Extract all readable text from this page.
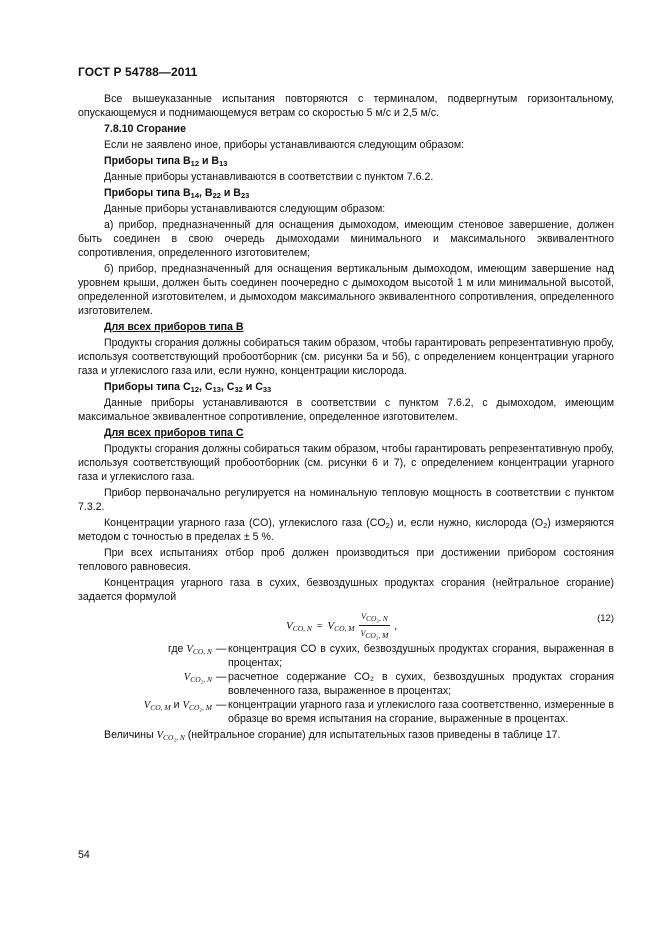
ГОСТ Р 54788—2011

Все вышеуказанные испытания повторяются с терминалом, подвергнутым горизонтальному, опускающемуся и поднимающемуся ветрам со скоростью 5 м/с и 2,5 м/с.

7.8.10 Сгорание

Если не заявлено иное, приборы устанавливаются следующим образом:

Приборы типа $B_{12}$ и $B_{13}$

Данные приборы устанавливаются в соответствии с пунктом 7.6.2.

Приборы типа $B_{14}$, $B_{22}$ и $B_{23}$

Данные приборы устанавливаются следующим образом:

а) прибор, предназначенный для оснащения дымоходом, имеющим стеновое завершение, должен быть соединен в свою очередь дымоходами минимального и максимального эквивалентного сопротивления, определенного изготовителем;

б) прибор, предназначенный для оснащения вертикальным дымоходом, имеющим завершение над уровнем крыши, должен быть соединен поочередно с дымоходом высотой 1 м или минимальной высотой, определенной изготовителем, и дымоходом максимального эквивалентного сопротивления, определенного изготовителем.

Для всех приборов типа B

Продукты сгорания должны собираться таким образом, чтобы гарантировать репрезентативную пробу, используя соответствующий пробоотборник (см. рисунки 5а и 5б), с определением концентрации угарного газа и углекислого газа или, если нужно, концентрации кислорода.

Приборы типа $C_{12}$, $C_{13}$, $C_{32}$ и $C_{33}$

Данные приборы устанавливаются в соответствии с пунктом 7.6.2, с дымоходом, имеющим максимальное эквивалентное сопротивление, определенное изготовителем.

Для всех приборов типа C

Продукты сгорания должны собираться таким образом, чтобы гарантировать репрезентативную пробу, используя соответствующий пробоотборник (см. рисунки 6 и 7), с определением концентрации угарного газа и углекислого газа.

Прибор первоначально регулируется на номинальную тепловую мощность в соответствии с пунктом 7.3.2.

Концентрации угарного газа (CO), углекислого газа $(CO_2)$ и, если нужно, кислорода $(O_2)$ измеряются методом с точностью в пределах ± 5 %.

При всех испытаниях отбор проб должен производиться при достижении прибором состояния теплового равновесия.

Концентрация угарного газа в сухих, безвоздушных продуктах сгорания (нейтральное сгорание) задается формулой

$V_{CO, N} = V_{CO, M} \frac{V_{CO_2, N}}{V_{CO_2, M}}$ ,
(12)
где $V_{CO, N}$ — концентрация CO в сухих, безвоздушных продуктах сгорания, выраженная в процентах;
$V_{CO_2, N}$ — расчетное содержание CO₂ в сухих, безвоздушных продуктах сгорания вовлеченного газа, выраженное в процентах;
$V_{CO, M}$ и $V_{CO_2, M}$ — концентрации угарного газа и углекислого газа соответственно, измеренные в образце во время испытания на сгорание, выраженные в процентах.

Величины $V_{CO_2, N}$ (нейтральное сгорание) для испытательных газов приведены в таблице 17.

54
